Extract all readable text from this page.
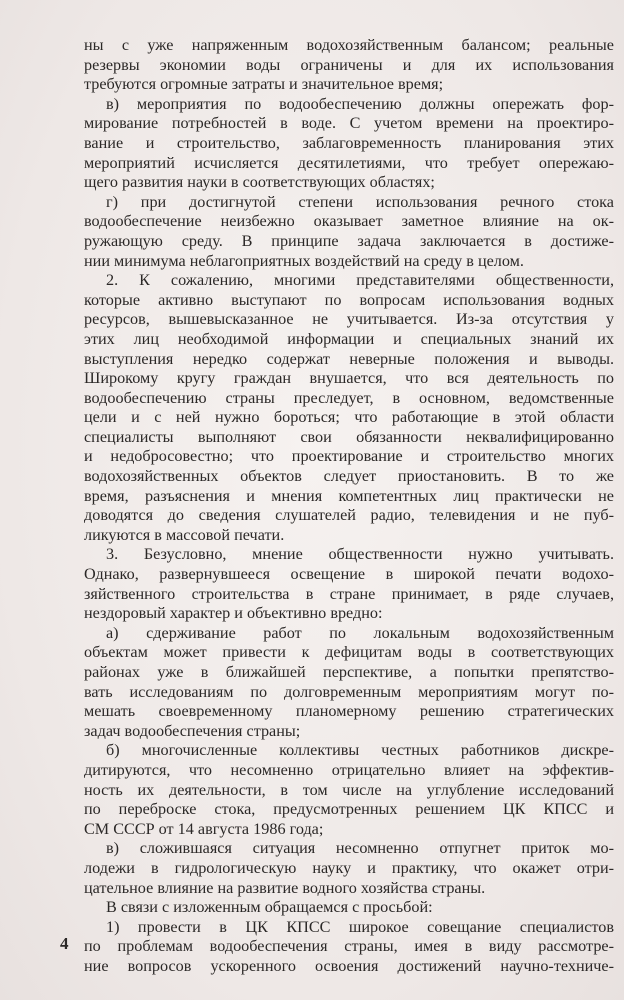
ны с уже напряженным водохозяйственным балансом; реальные
резервы экономии воды ограничены и для их использования
требуются огромные затраты и значительное время;
в) мероприятия по водообеспечению должны опережать фор-
мирование потребностей в воде. С учетом времени на проектиро-
вание и строительство, заблаговременность планирования этих
мероприятий исчисляется десятилетиями, что требует опережаю-
щего развития науки в соответствующих областях;
г) при достигнутой степени использования речного стока
водообеспечение неизбежно оказывает заметное влияние на ок-
ружающую среду. В принципе задача заключается в достиже-
нии минимума неблагоприятных воздействий на среду в целом.
2. К сожалению, многими представителями общественности,
которые активно выступают по вопросам использования водных
ресурсов, вышевысказанное не учитывается. Из-за отсутствия у
этих лиц необходимой информации и специальных знаний их
выступления нередко содержат неверные положения и выводы.
Широкому кругу граждан внушается, что вся деятельность по
водообеспечению страны преследует, в основном, ведомственные
цели и с ней нужно бороться; что работающие в этой области
специалисты выполняют свои обязанности неквалифицированно
и недобросовестно; что проектирование и строительство многих
водохозяйственных объектов следует приостановить. В то же
время, разъяснения и мнения компетентных лиц практически не
доводятся до сведения слушателей радио, телевидения и не пуб-
ликуются в массовой печати.
3. Безусловно, мнение общественности нужно учитывать.
Однако, развернувшееся освещение в широкой печати водохо-
зяйственного строительства в стране принимает, в ряде случаев,
нездоровый характер и объективно вредно:
а) сдерживание работ по локальным водохозяйственным
объектам может привести к дефицитам воды в соответствующих
районах уже в ближайшей перспективе, а попытки препятство-
вать исследованиям по долговременным мероприятиям могут по-
мешать своевременному планомерному решению стратегических
задач водообеспечения страны;
б) многочисленные коллективы честных работников дискре-
дитируются, что несомненно отрицательно влияет на эффектив-
ность их деятельности, в том числе на углубление исследований
по переброске стока, предусмотренных решением ЦК КПСС и
СМ СССР от 14 августа 1986 года;
в) сложившаяся ситуация несомненно отпугнет приток мо-
лодежи в гидрологическую науку и практику, что окажет отри-
цательное влияние на развитие водного хозяйства страны.
В связи с изложенным обращаемся с просьбой:
1) провести в ЦК КПСС широкое совещание специалистов
по проблемам водообеспечения страны, имея в виду рассмотре-
ние вопросов ускоренного освоения достижений научно-техниче-
4
